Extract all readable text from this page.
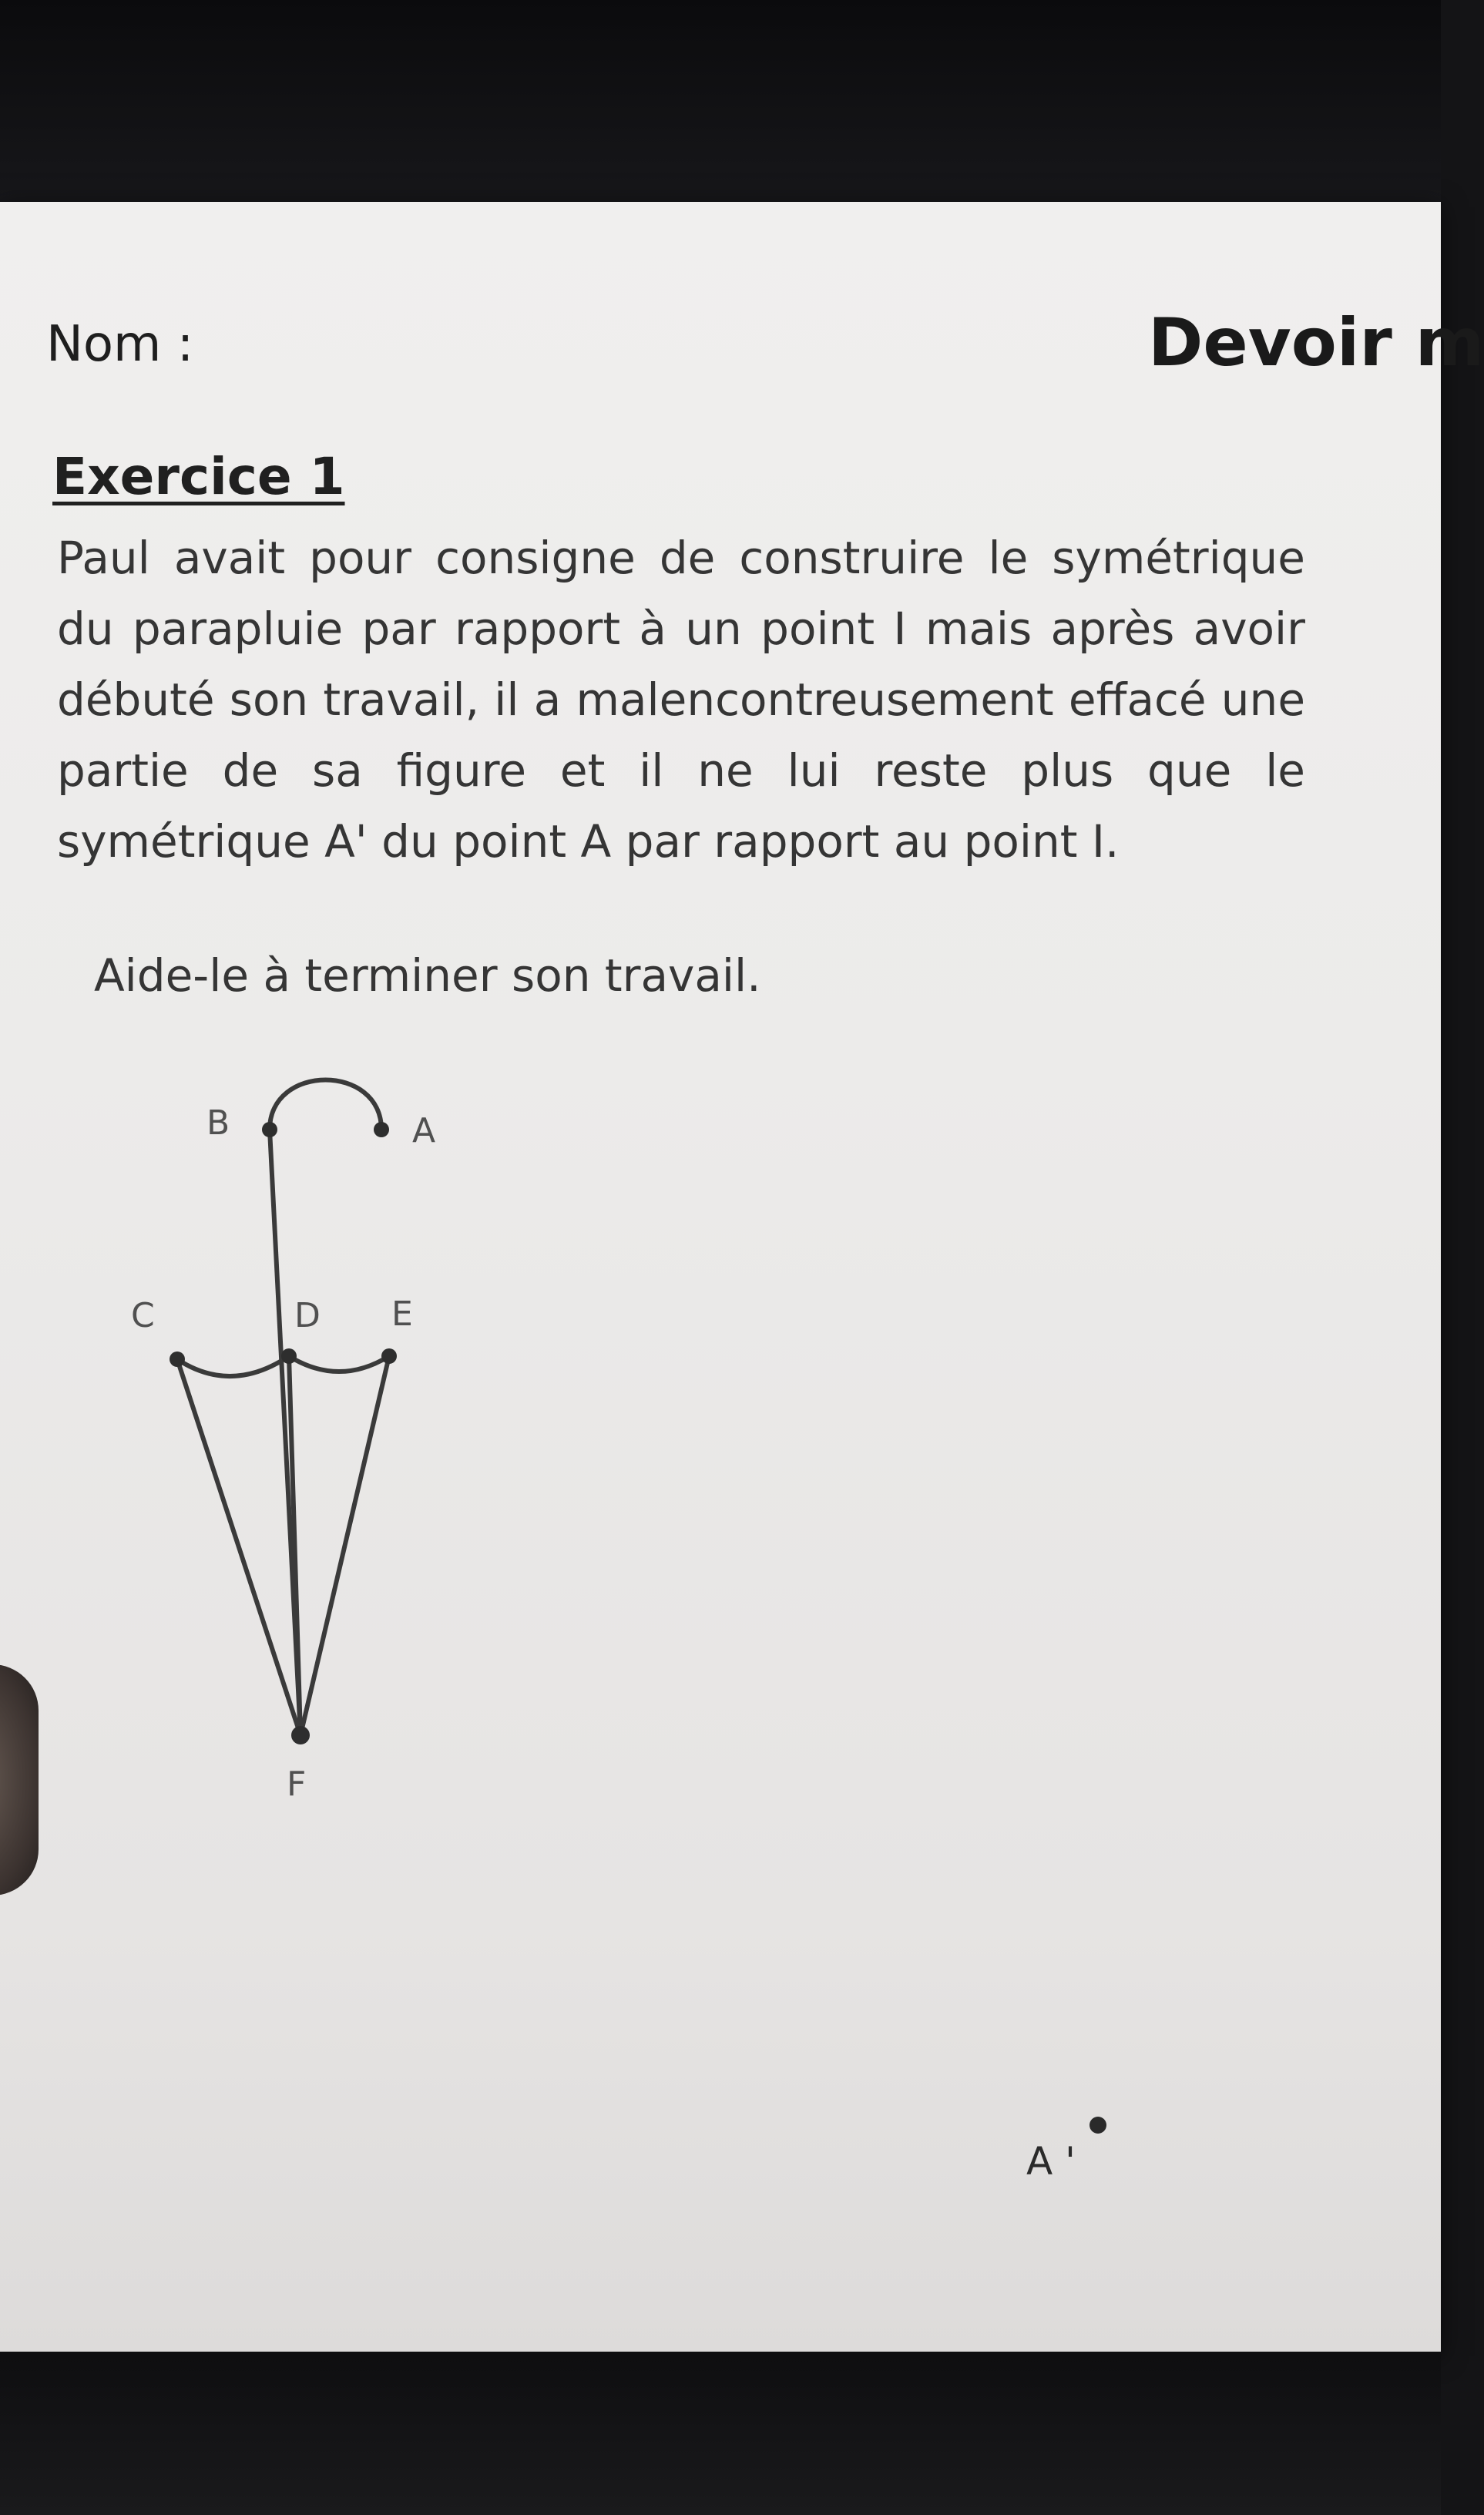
Nom :	Devoir m
Exercice 1
Paul avait pour consigne de construire le symétrique du parapluie par rapport à un point I mais après avoir débuté son travail, il a malencontreusement effacé une partie de sa figure et il ne lui reste plus que le symétrique A' du point A par rapport au point I.
Aide-le à terminer son travail.
B	A
C	D E
F
A '
